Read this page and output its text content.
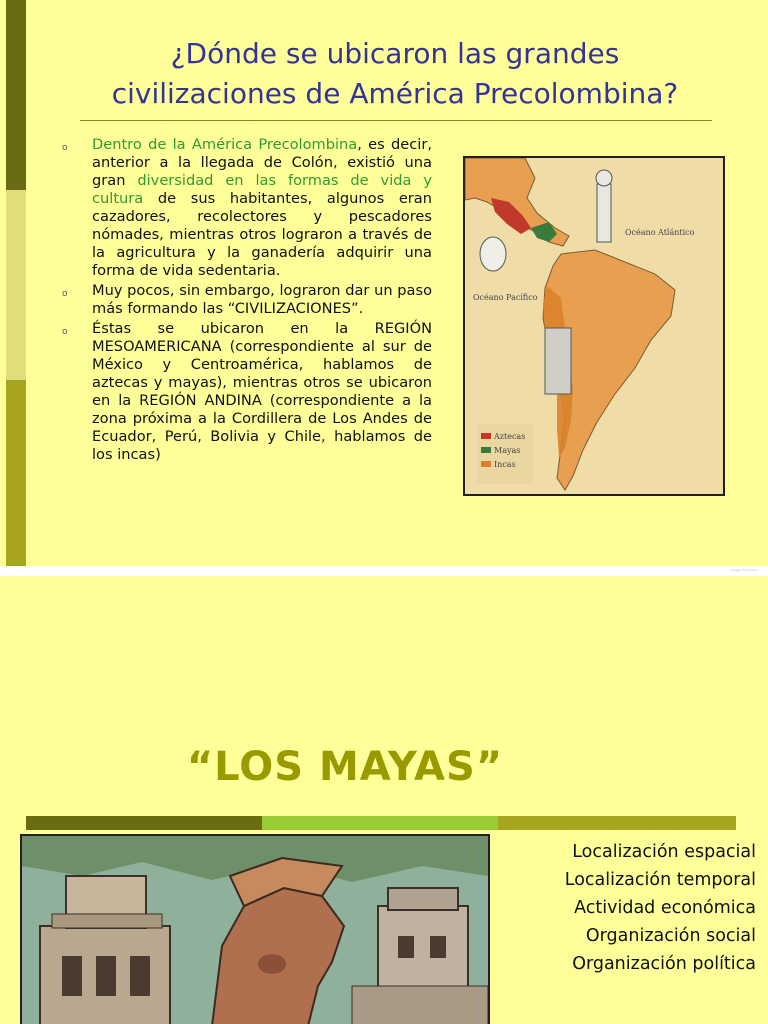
¿Dónde se ubicaron las grandes
civilizaciones de América Precolombina?
o Dentro de la América Precolombina, es decir, anterior a la llegada de Colón, existió una gran diversidad en las formas de vida y cultura de sus habitantes, algunos eran cazadores, recolectores y pescadores nómades, mientras otros lograron a través de la agricultura y la ganadería adquirir una forma de vida sedentaria.
o Muy pocos, sin embargo, lograron dar un paso más formando las “CIVILIZACIONES”.
o Éstas se ubicaron en la REGIÓN MESOAMERICANA (correspondiente al sur de México y Centroamérica, hablamos de aztecas y mayas), mientras otros se ubicaron en la REGIÓN ANDINA (correspondiente a la zona próxima a la Cordillera de Los Andes de Ecuador, Perú, Bolivia y Chile, hablamos de los incas)
Océano Atlántico
Océano Pacífico
Aztecas
Mayas
Incas
Imagen de archivo
“LOS MAYAS”
Localización espacial
Localización temporal
Actividad económica
Organización social
Organización política
